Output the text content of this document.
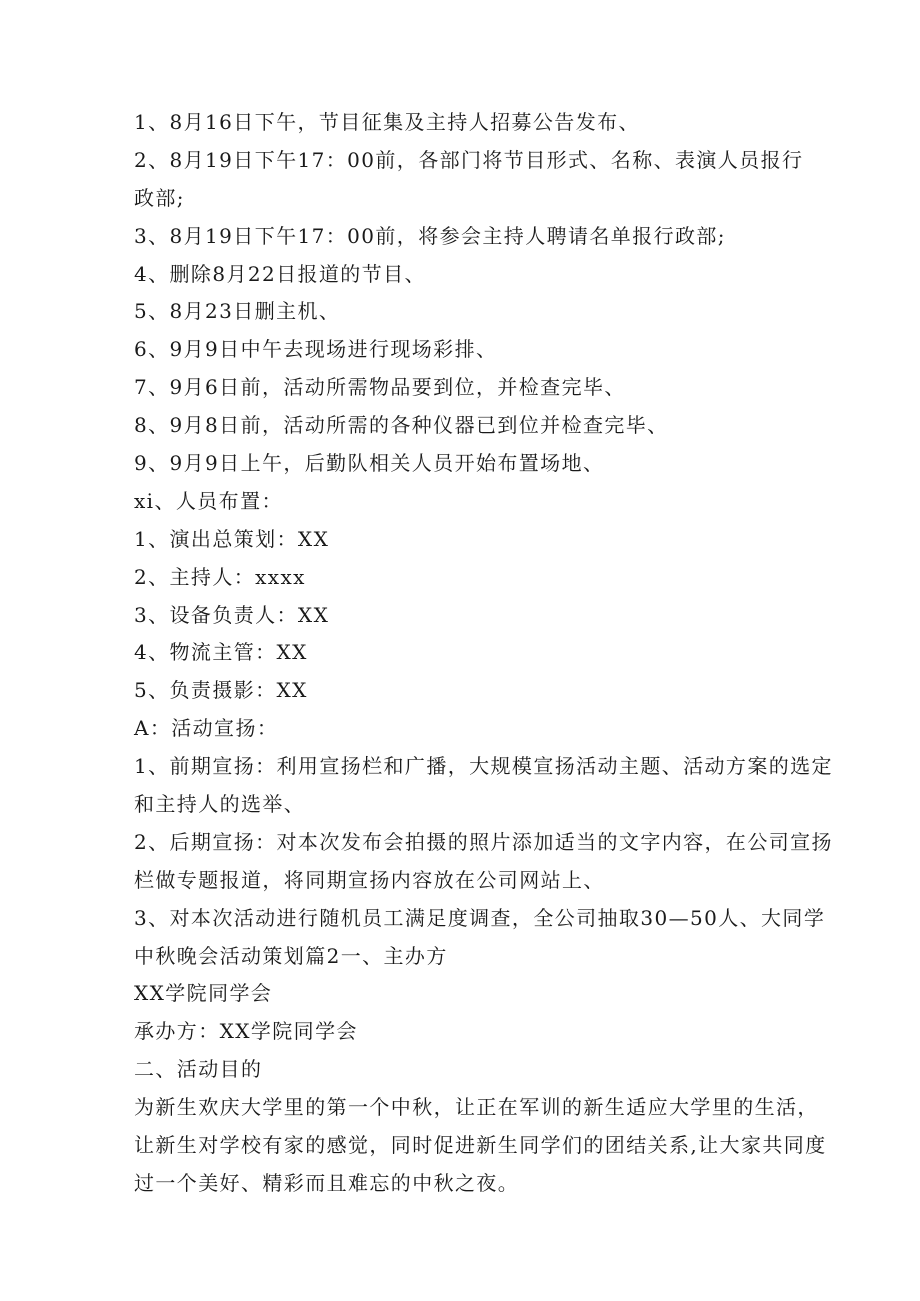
1、8月16日下午，节目征集及主持人招募公告发布、

2、8月19日下午17：00前，各部门将节目形式、名称、表演人员报行

政部;

3、8月19日下午17：00前，将参会主持人聘请名单报行政部;

4、删除8月22日报道的节目、

5、8月23日删主机、

6、9月9日中午去现场进行现场彩排、

7、9月6日前，活动所需物品要到位，并检查完毕、

8、9月8日前，活动所需的各种仪器已到位并检查完毕、

9、9月9日上午，后勤队相关人员开始布置场地、

xi、人员布置：

1、演出总策划：XX

2、主持人：xxxx

3、设备负责人：XX

4、物流主管：XX

5、负责摄影：XX

A：活动宣扬：

1、前期宣扬：利用宣扬栏和广播，大规模宣扬活动主题、活动方案的选定

和主持人的选举、

2、后期宣扬：对本次发布会拍摄的照片添加适当的文字内容，在公司宣扬

栏做专题报道，将同期宣扬内容放在公司网站上、

3、对本次活动进行随机员工满足度调查，全公司抽取30—50人、大同学

中秋晚会活动策划篇2一、主办方

XX学院同学会

承办方：XX学院同学会

二、活动目的

为新生欢庆大学里的第一个中秋，让正在军训的新生适应大学里的生活，

让新生对学校有家的感觉，同时促进新生同学们的团结关系,让大家共同度

过一个美好、精彩而且难忘的中秋之夜。
